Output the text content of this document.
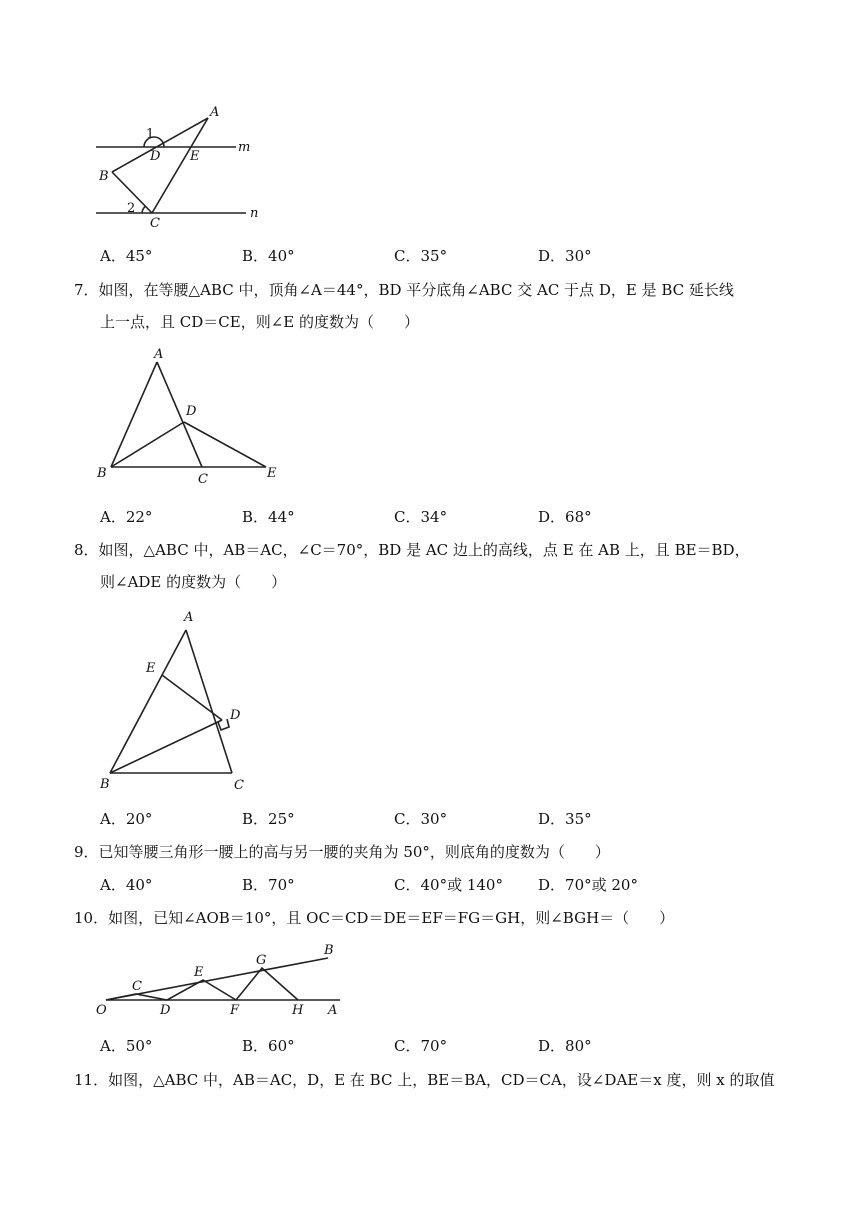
A
B
C
D E
m
n
1
2
A．45°	B．40°	C．35°	D．30°
7．如图，在等腰△ABC 中，顶角∠A＝44°，BD 平分底角∠ABC 交 AC 于点 D，E 是 BC 延长线
上一点，且 CD＝CE，则∠E 的度数为（　　）
A
B	C
D
E
A．22°	B．44°	C．34°	D．68°
8．如图，△ABC 中，AB＝AC，∠C＝70°，BD 是 AC 边上的高线，点 E 在 AB 上，且 BE＝BD，
则∠ADE 的度数为（　　）
A
B	C
D
E
A．20°	B．25°	C．30°	D．35°
9．已知等腰三角形一腰上的高与另一腰的夹角为 50°，则底角的度数为（　　）
A．40°	B．70°	C．40°或 140° D．70°或 20°
10．如图，已知∠AOB＝10°，且 OC＝CD＝DE＝EF＝FG＝GH，则∠BGH＝（　　）
O	A
B
C
D
E
F
G
H
A．50°	B．60°	C．70°	D．80°
11．如图，△ABC 中，AB＝AC，D，E 在 BC 上，BE＝BA，CD＝CA，设∠DAE＝x 度，则 x 的取值
